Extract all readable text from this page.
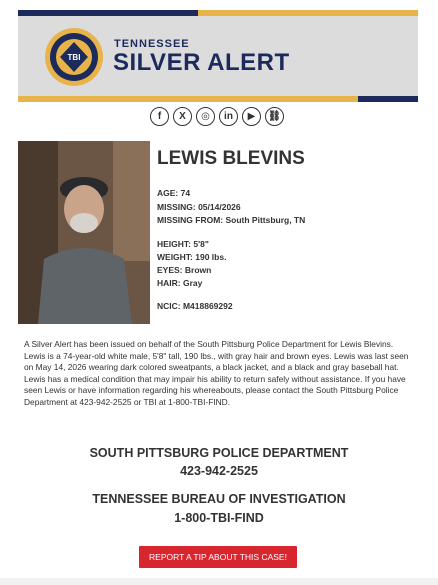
TBI
TENNESSEE
SILVER ALERT
f	X	◎	in	▶	⛓
LEWIS BLEVINS
AGE: 74
MISSING: 05/14/2026
MISSING FROM: South Pittsburg, TN
HEIGHT: 5'8"
WEIGHT: 190 lbs.
EYES: Brown
HAIR: Gray
NCIC: M418869292
A Silver Alert has been issued on behalf of the South Pittsburg Police Department for Lewis Blevins. Lewis is a 74-year-old white male, 5'8" tall, 190 lbs., with gray hair and brown eyes. Lewis was last seen on May 14, 2026 wearing dark colored sweatpants, a black jacket, and a black and gray baseball hat. Lewis has a medical condition that may impair his ability to return safely without assistance. If you have seen Lewis or have information regarding his whereabouts, please contact the South Pittsburg Police Department at 423-942-2525 or TBI at 1-800-TBI-FIND.
SOUTH PITTSBURG POLICE DEPARTMENT
423-942-2525
TENNESSEE BUREAU OF INVESTIGATION
1-800-TBI-FIND
REPORT A TIP ABOUT THIS CASE!
